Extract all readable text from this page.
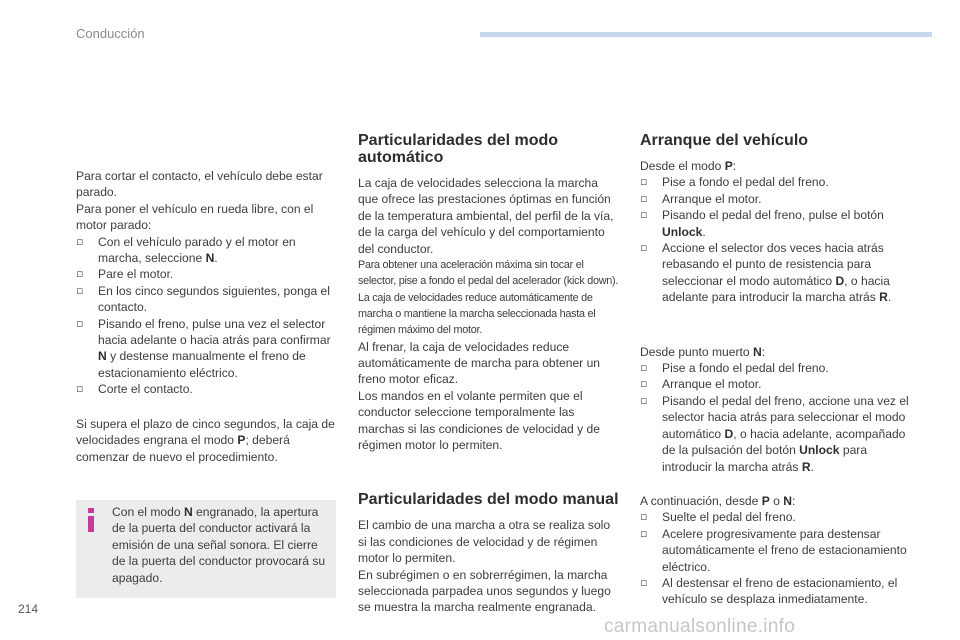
Conducción

Para cortar el contacto, el vehículo debe estar parado.

Para poner el vehículo en rueda libre, con el motor parado:

▫ Con el vehículo parado y el motor en marcha, seleccione N.

▫ Pare el motor.

▫ En los cinco segundos siguientes, ponga el contacto.

▫ Pisando el freno, pulse una vez el selector hacia adelante o hacia atrás para confirmar N y destense manualmente el freno de estacionamiento eléctrico.

▫ Corte el contacto.

Si supera el plazo de cinco segundos, la caja de velocidades engrana el modo P; deberá comenzar de nuevo el procedimiento.

Con el modo N engranado, la apertura de la puerta del conductor activará la emisión de una señal sonora. El cierre de la puerta del conductor provocará su apagado.
Particularidades del modo automático

La caja de velocidades selecciona la marcha que ofrece las prestaciones óptimas en función de la temperatura ambiental, del perfil de la vía, de la carga del vehículo y del comportamiento del conductor.

Para obtener una aceleración máxima sin tocar el selector, pise a fondo el pedal del acelerador (kick down). La caja de velocidades reduce automáticamente de marcha o mantiene la marcha seleccionada hasta el régimen máximo del motor.

Al frenar, la caja de velocidades reduce automáticamente de marcha para obtener un freno motor eficaz.

Los mandos en el volante permiten que el conductor seleccione temporalmente las marchas si las condiciones de velocidad y de régimen motor lo permiten.

Particularidades del modo manual

El cambio de una marcha a otra se realiza solo si las condiciones de velocidad y de régimen motor lo permiten.

En subrégimen o en sobrerrégimen, la marcha seleccionada parpadea unos segundos y luego se muestra la marcha realmente engranada.

Arranque del vehículo

Desde el modo P:

▫ Pise a fondo el pedal del freno.

▫ Arranque el motor.

▫ Pisando el pedal del freno, pulse el botón Unlock.

▫ Accione el selector dos veces hacia atrás rebasando el punto de resistencia para seleccionar el modo automático D, o hacia adelante para introducir la marcha atrás R.

Desde punto muerto N:

▫ Pise a fondo el pedal del freno.

▫ Arranque el motor.

▫ Pisando el pedal del freno, accione una vez el selector hacia atrás para seleccionar el modo automático D, o hacia adelante, acompañado de la pulsación del botón Unlock para introducir la marcha atrás R.

A continuación, desde P o N:

▫ Suelte el pedal del freno.

▫ Acelere progresivamente para destensar automáticamente el freno de estacionamiento eléctrico.

▫ Al destensar el freno de estacionamiento, el vehículo se desplaza inmediatamente.

214
carmanualsonline.info
